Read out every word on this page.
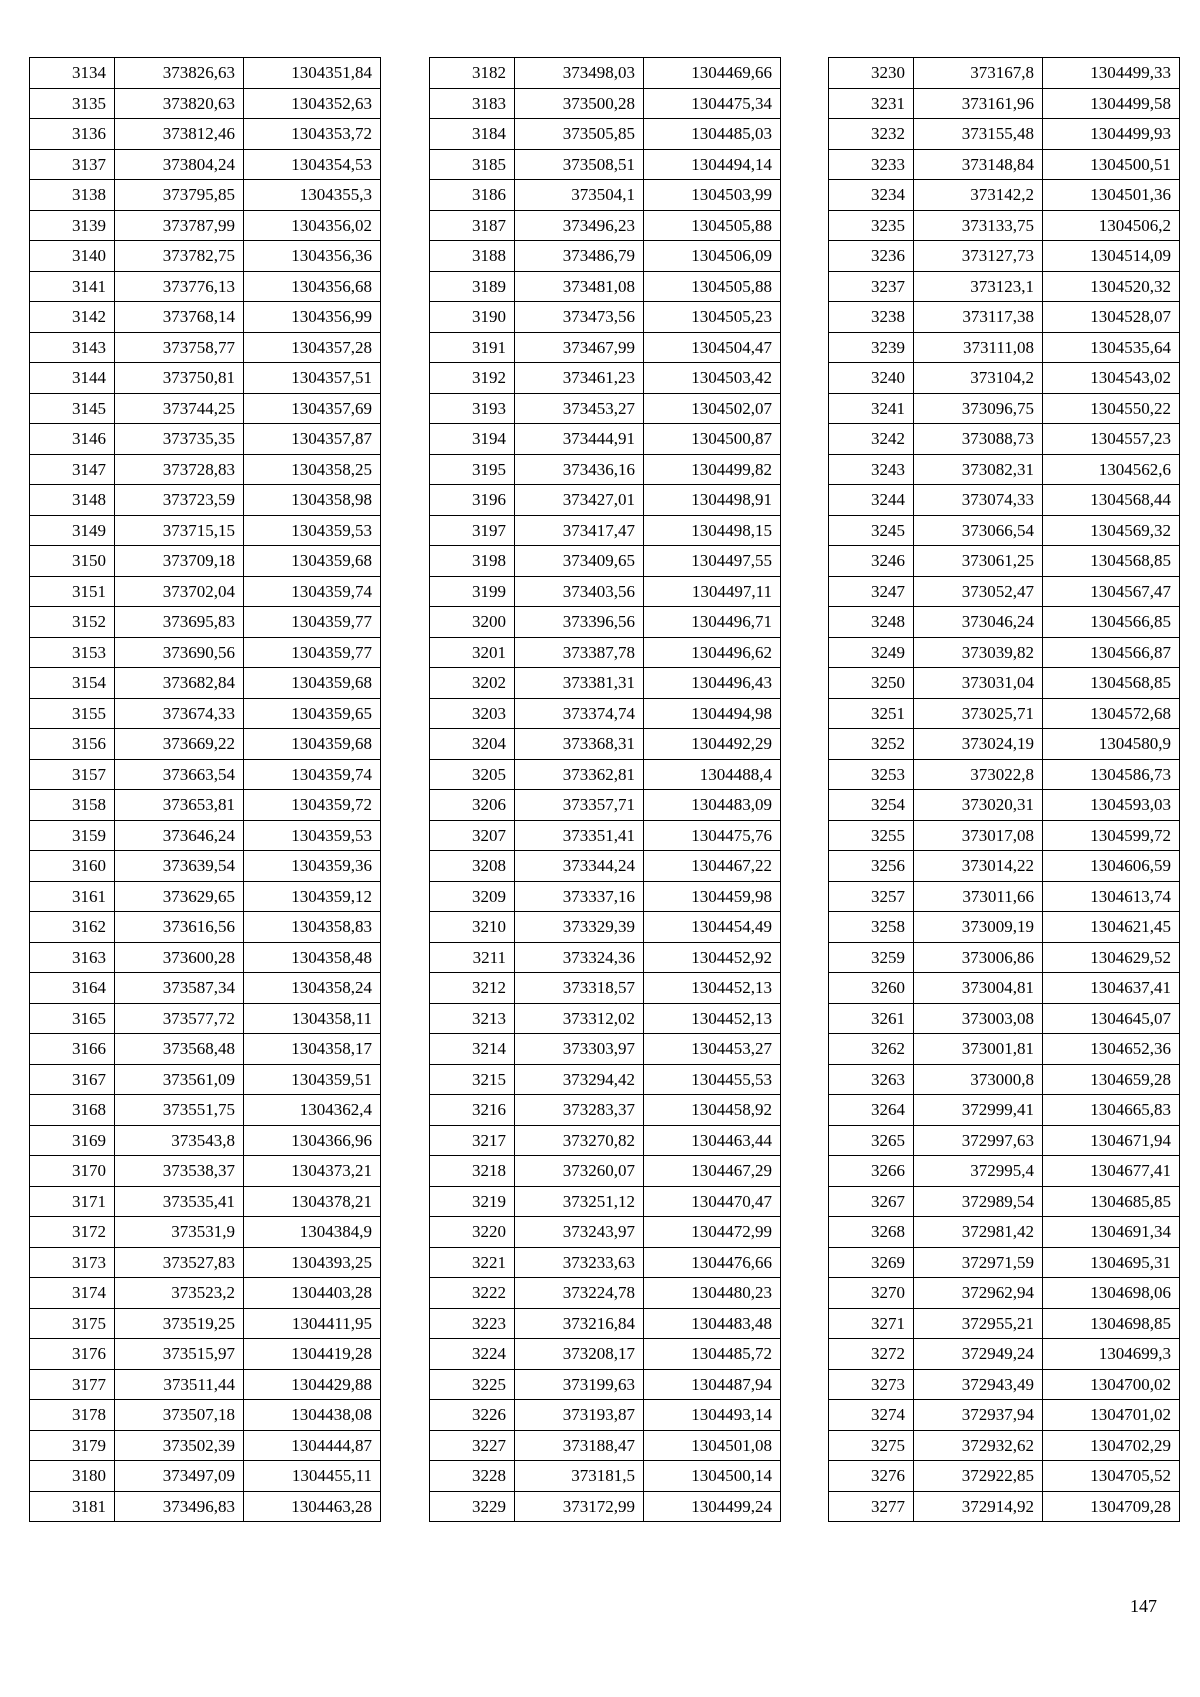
3134	373826,63	1304351,84
3135	373820,63	1304352,63
3136	373812,46	1304353,72
3137	373804,24	1304354,53
3138	373795,85	1304355,3
3139	373787,99	1304356,02
3140	373782,75	1304356,36
3141	373776,13	1304356,68
3142	373768,14	1304356,99
3143	373758,77	1304357,28
3144	373750,81	1304357,51
3145	373744,25	1304357,69
3146	373735,35	1304357,87
3147	373728,83	1304358,25
3148	373723,59	1304358,98
3149	373715,15	1304359,53
3150	373709,18	1304359,68
3151	373702,04	1304359,74
3152	373695,83	1304359,77
3153	373690,56	1304359,77
3154	373682,84	1304359,68
3155	373674,33	1304359,65
3156	373669,22	1304359,68
3157	373663,54	1304359,74
3158	373653,81	1304359,72
3159	373646,24	1304359,53
3160	373639,54	1304359,36
3161	373629,65	1304359,12
3162	373616,56	1304358,83
3163	373600,28	1304358,48
3164	373587,34	1304358,24
3165	373577,72	1304358,11
3166	373568,48	1304358,17
3167	373561,09	1304359,51
3168	373551,75	1304362,4
3169	373543,8	1304366,96
3170	373538,37	1304373,21
3171	373535,41	1304378,21
3172	373531,9	1304384,9
3173	373527,83	1304393,25
3174	373523,2	1304403,28
3175	373519,25	1304411,95
3176	373515,97	1304419,28
3177	373511,44	1304429,88
3178	373507,18	1304438,08
3179	373502,39	1304444,87
3180	373497,09	1304455,11
3181	373496,83	1304463,28
3182	373498,03	1304469,66
3183	373500,28	1304475,34
3184	373505,85	1304485,03
3185	373508,51	1304494,14
3186	373504,1	1304503,99
3187	373496,23	1304505,88
3188	373486,79	1304506,09
3189	373481,08	1304505,88
3190	373473,56	1304505,23
3191	373467,99	1304504,47
3192	373461,23	1304503,42
3193	373453,27	1304502,07
3194	373444,91	1304500,87
3195	373436,16	1304499,82
3196	373427,01	1304498,91
3197	373417,47	1304498,15
3198	373409,65	1304497,55
3199	373403,56	1304497,11
3200	373396,56	1304496,71
3201	373387,78	1304496,62
3202	373381,31	1304496,43
3203	373374,74	1304494,98
3204	373368,31	1304492,29
3205	373362,81	1304488,4
3206	373357,71	1304483,09
3207	373351,41	1304475,76
3208	373344,24	1304467,22
3209	373337,16	1304459,98
3210	373329,39	1304454,49
3211	373324,36	1304452,92
3212	373318,57	1304452,13
3213	373312,02	1304452,13
3214	373303,97	1304453,27
3215	373294,42	1304455,53
3216	373283,37	1304458,92
3217	373270,82	1304463,44
3218	373260,07	1304467,29
3219	373251,12	1304470,47
3220	373243,97	1304472,99
3221	373233,63	1304476,66
3222	373224,78	1304480,23
3223	373216,84	1304483,48
3224	373208,17	1304485,72
3225	373199,63	1304487,94
3226	373193,87	1304493,14
3227	373188,47	1304501,08
3228	373181,5	1304500,14
3229	373172,99	1304499,24
3230	373167,8	1304499,33
3231	373161,96	1304499,58
3232	373155,48	1304499,93
3233	373148,84	1304500,51
3234	373142,2	1304501,36
3235	373133,75	1304506,2
3236	373127,73	1304514,09
3237	373123,1	1304520,32
3238	373117,38	1304528,07
3239	373111,08	1304535,64
3240	373104,2	1304543,02
3241	373096,75	1304550,22
3242	373088,73	1304557,23
3243	373082,31	1304562,6
3244	373074,33	1304568,44
3245	373066,54	1304569,32
3246	373061,25	1304568,85
3247	373052,47	1304567,47
3248	373046,24	1304566,85
3249	373039,82	1304566,87
3250	373031,04	1304568,85
3251	373025,71	1304572,68
3252	373024,19	1304580,9
3253	373022,8	1304586,73
3254	373020,31	1304593,03
3255	373017,08	1304599,72
3256	373014,22	1304606,59
3257	373011,66	1304613,74
3258	373009,19	1304621,45
3259	373006,86	1304629,52
3260	373004,81	1304637,41
3261	373003,08	1304645,07
3262	373001,81	1304652,36
3263	373000,8	1304659,28
3264	372999,41	1304665,83
3265	372997,63	1304671,94
3266	372995,4	1304677,41
3267	372989,54	1304685,85
3268	372981,42	1304691,34
3269	372971,59	1304695,31
3270	372962,94	1304698,06
3271	372955,21	1304698,85
3272	372949,24	1304699,3
3273	372943,49	1304700,02
3274	372937,94	1304701,02
3275	372932,62	1304702,29
3276	372922,85	1304705,52
3277	372914,92	1304709,28
147
